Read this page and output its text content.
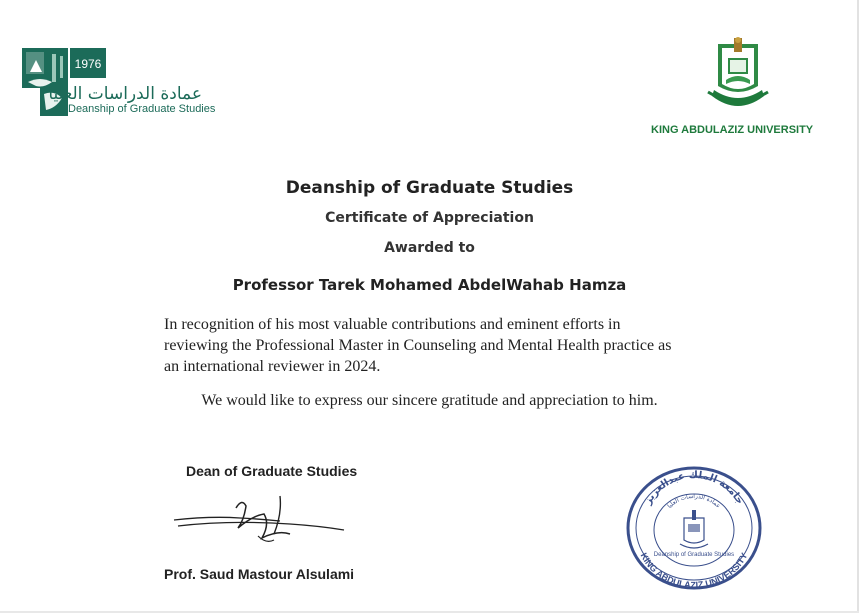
1976
عمادة الدراسات العليا
Deanship of Graduate Studies
KING ABDULAZIZ UNIVERSITY
Deanship of Graduate Studies
Certificate of Appreciation
Awarded to
Professor Tarek Mohamed AbdelWahab Hamza
In recognition of his most valuable contributions and eminent efforts in
reviewing the Professional Master in Counseling and Mental Health practice as
an international reviewer in 2024.
We would like to express our sincere gratitude and appreciation to him.
Dean of Graduate Studies
Prof. Saud Mastour Alsulami
جامعة الملك عبدالعزيز
عمادة الدراسات العليا
KING ABDULAZIZ UNIVERSITY
Deanship of Graduate Studies
